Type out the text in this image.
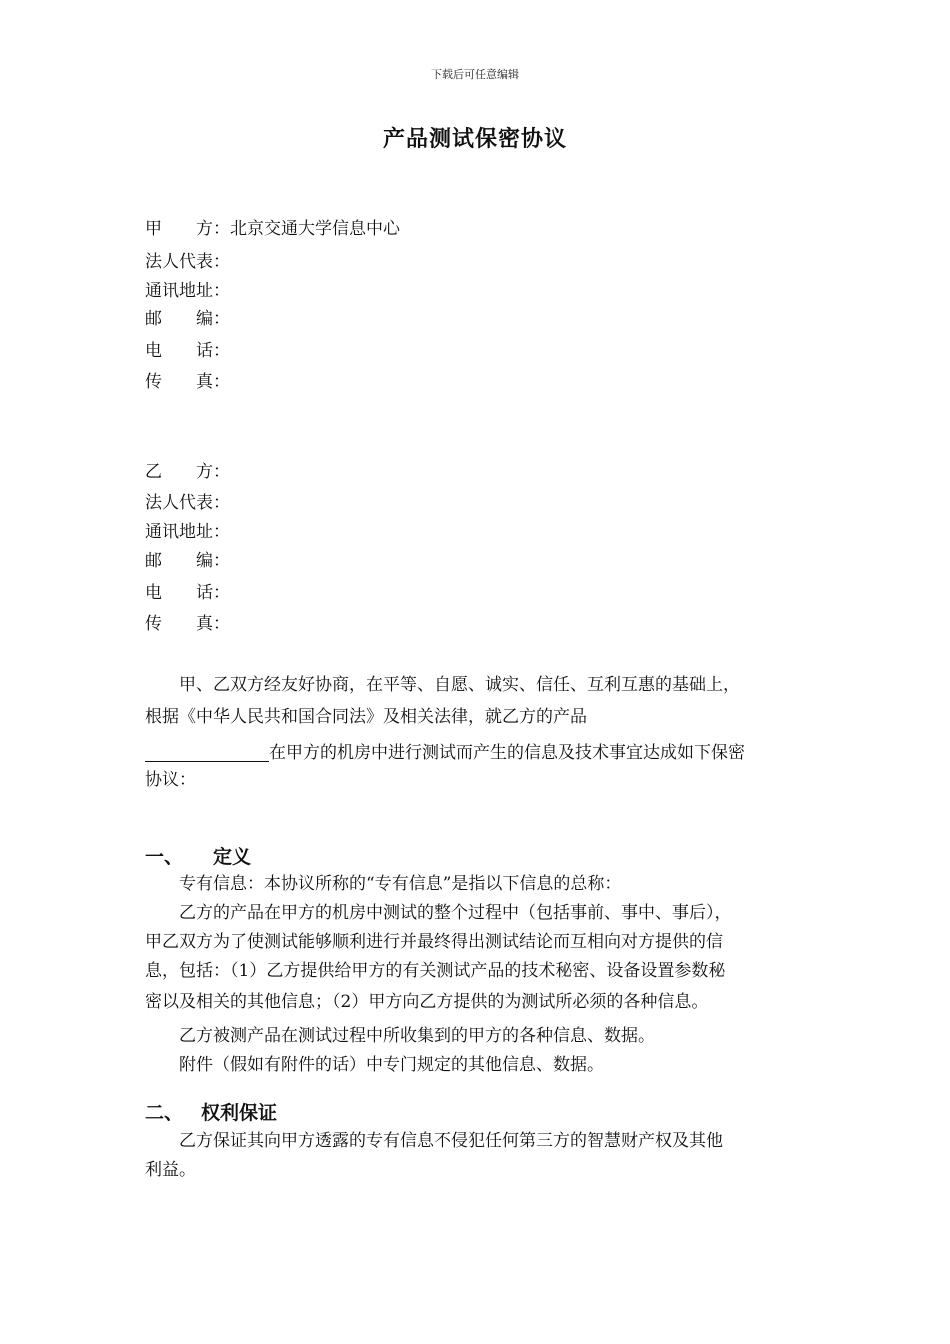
下载后可任意编辑
产品测试保密协议
甲　　方：北京交通大学信息中心
法人代表：
通讯地址：
邮　　编：
电　　话：
传　　真：
乙　　方：
法人代表：
通讯地址：
邮　　编：
电　　话：
传　　真：
　　甲、乙双方经友好协商，在平等、自愿、诚实、信任、互利互惠的基础上，
根据《中华人民共和国合同法》及相关法律，就乙方的产品
在甲方的机房中进行测试而产生的信息及技术事宜达成如下保密
协议：
一、 定义
　　专有信息：本协议所称的“专有信息”是指以下信息的总称：
　　乙方的产品在甲方的机房中测试的整个过程中（包括事前、事中、事后），
甲乙双方为了使测试能够顺利进行并最终得出测试结论而互相向对方提供的信
息，包括：（1）乙方提供给甲方的有关测试产品的技术秘密、设备设置参数秘
密以及相关的其他信息；（2）甲方向乙方提供的为测试所必须的各种信息。
　　乙方被测产品在测试过程中所收集到的甲方的各种信息、数据。
　　附件（假如有附件的话）中专门规定的其他信息、数据。
二、 权利保证
　　乙方保证其向甲方透露的专有信息不侵犯任何第三方的智慧财产权及其他
利益。
